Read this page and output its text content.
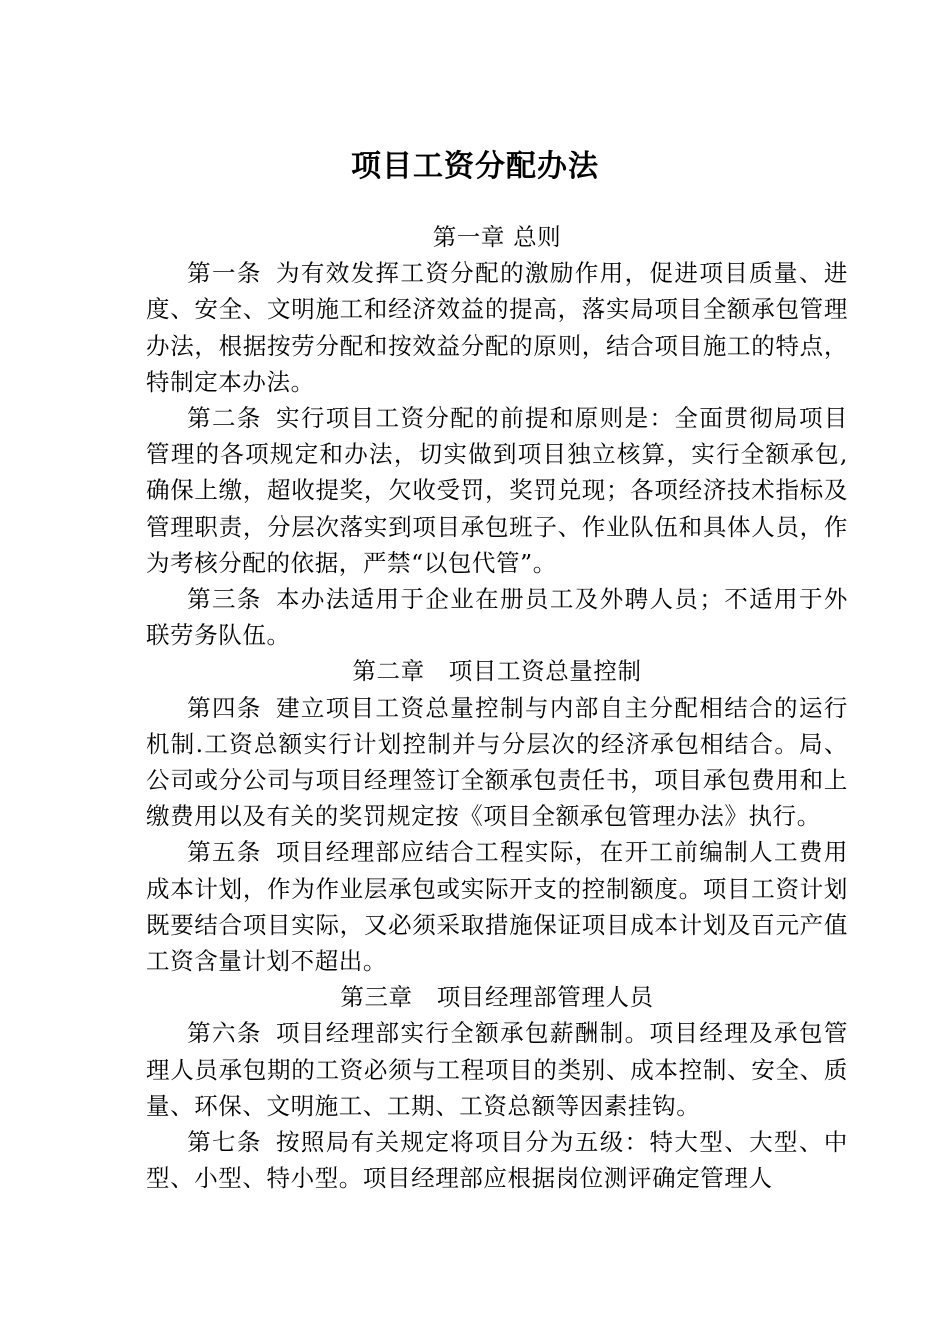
项目工资分配办法
第一章 总则

第一条 为有效发挥工资分配的激励作用，促进项目质量、进度、安全、文明施工和经济效益的提高，落实局项目全额承包管理办法，根据按劳分配和按效益分配的原则，结合项目施工的特点，特制定本办法。

第二条 实行项目工资分配的前提和原则是：全面贯彻局项目管理的各项规定和办法，切实做到项目独立核算，实行全额承包,确保上缴，超收提奖，欠收受罚，奖罚兑现；各项经济技术指标及管理职责，分层次落实到项目承包班子、作业队伍和具体人员，作为考核分配的依据，严禁“以包代管”。

第三条 本办法适用于企业在册员工及外聘人员；不适用于外联劳务队伍。

第二章　项目工资总量控制

第四条 建立项目工资总量控制与内部自主分配相结合的运行机制.工资总额实行计划控制并与分层次的经济承包相结合。局、公司或分公司与项目经理签订全额承包责任书，项目承包费用和上缴费用以及有关的奖罚规定按《项目全额承包管理办法》执行。

第五条 项目经理部应结合工程实际，在开工前编制人工费用成本计划，作为作业层承包或实际开支的控制额度。项目工资计划既要结合项目实际，又必须采取措施保证项目成本计划及百元产值工资含量计划不超出。

第三章　项目经理部管理人员

第六条 项目经理部实行全额承包薪酬制。项目经理及承包管理人员承包期的工资必须与工程项目的类别、成本控制、安全、质量、环保、文明施工、工期、工资总额等因素挂钩。

第七条 按照局有关规定将项目分为五级：特大型、大型、中型、小型、特小型。项目经理部应根据岗位测评确定管理人
